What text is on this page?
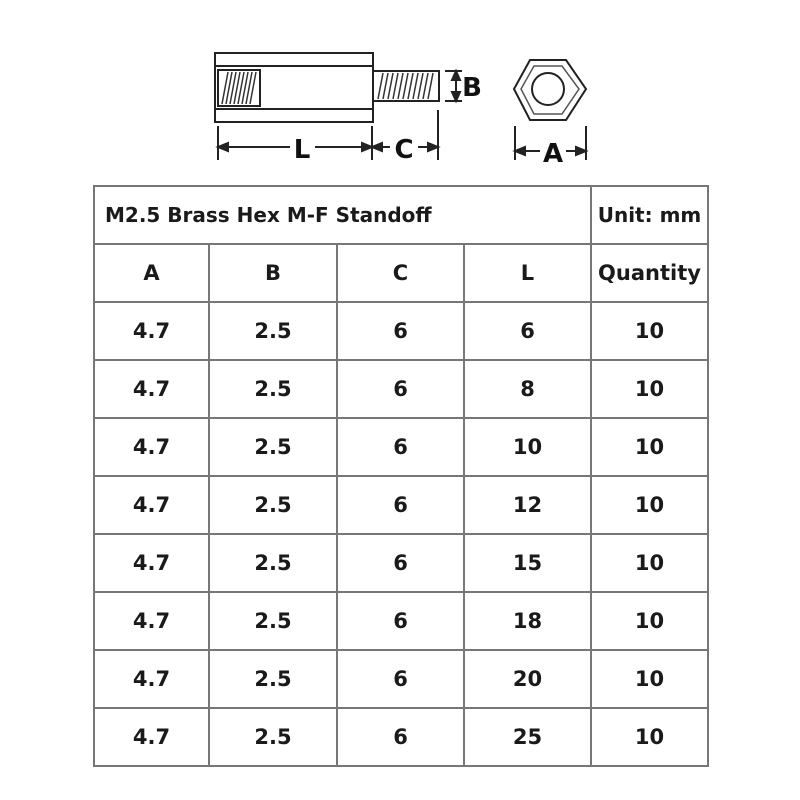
L	C
B
A
M2.5 Brass Hex M-F Standoff				Unit: mm
A	B	C	L	Quantity
4.7	2.5	6	6	10
4.7	2.5	6	8	10
4.7	2.5	6	10	10
4.7	2.5	6	12	10
4.7	2.5	6	15	10
4.7	2.5	6	18	10
4.7	2.5	6	20	10
4.7	2.5	6	25	10
